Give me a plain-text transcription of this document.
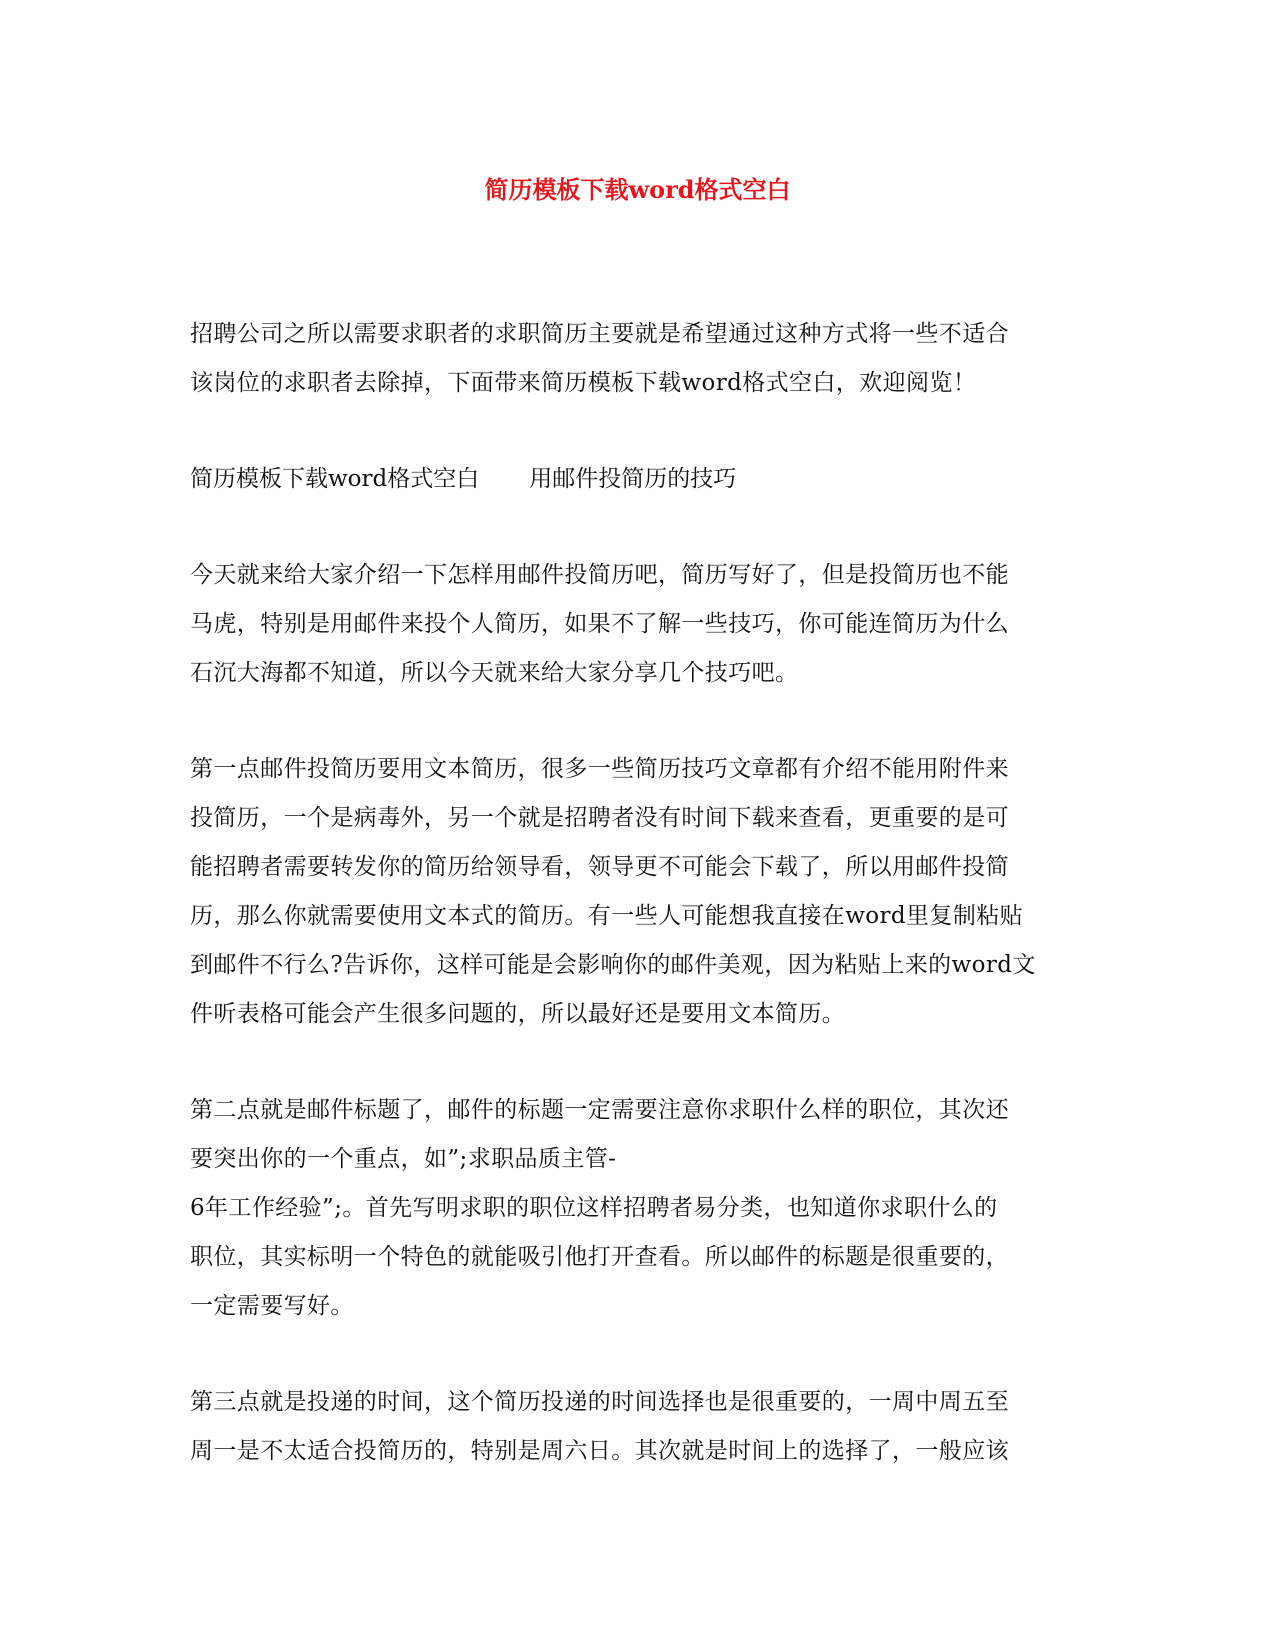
简历模板下载word格式空白

招聘公司之所以需要求职者的求职简历主要就是希望通过这种方式将一些不适合
该岗位的求职者去除掉，下面带来简历模板下载word格式空白，欢迎阅览！

简历模板下载word格式空白 用邮件投简历的技巧

今天就来给大家介绍一下怎样用邮件投简历吧，简历写好了，但是投简历也不能
马虎，特别是用邮件来投个人简历，如果不了解一些技巧，你可能连简历为什么
石沉大海都不知道，所以今天就来给大家分享几个技巧吧。

第一点邮件投简历要用文本简历，很多一些简历技巧文章都有介绍不能用附件来
投简历，一个是病毒外，另一个就是招聘者没有时间下载来查看，更重要的是可
能招聘者需要转发你的简历给领导看，领导更不可能会下载了，所以用邮件投简
历，那么你就需要使用文本式的简历。有一些人可能想我直接在word里复制粘贴
到邮件不行么?告诉你，这样可能是会影响你的邮件美观，因为粘贴上来的word文
件听表格可能会产生很多问题的，所以最好还是要用文本简历。

第二点就是邮件标题了，邮件的标题一定需要注意你求职什么样的职位，其次还
要突出你的一个重点，如”;求职品质主管-
6年工作经验”;。首先写明求职的职位这样招聘者易分类，也知道你求职什么的
职位，其实标明一个特色的就能吸引他打开查看。所以邮件的标题是很重要的，
一定需要写好。

第三点就是投递的时间，这个简历投递的时间选择也是很重要的，一周中周五至
周一是不太适合投简历的，特别是周六日。其次就是时间上的选择了，一般应该
